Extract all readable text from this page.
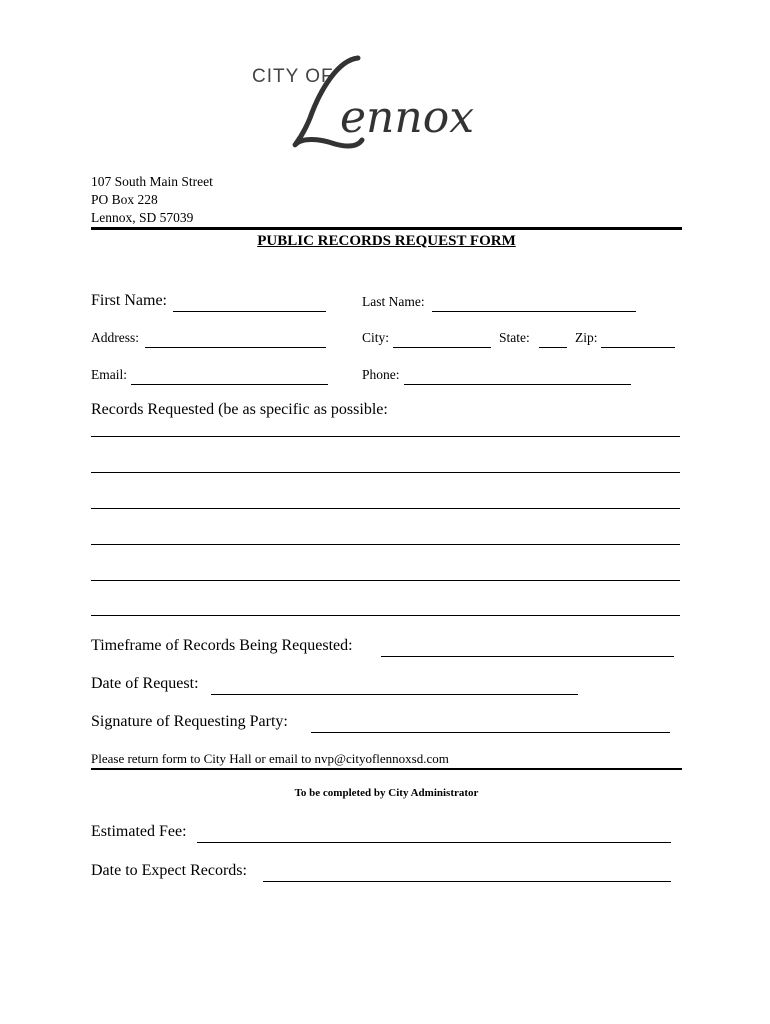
CITY OF
ennox
107 South Main Street
PO Box 228
Lennox, SD 57039
PUBLIC RECORDS REQUEST FORM
First Name:	Last Name:
Address:	City:	State:	Zip:
Email:	Phone:
Records Requested (be as specific as possible:
Timeframe of Records Being Requested:
Date of Request:
Signature of Requesting Party:
Please return form to City Hall or email to nvp@cityoflennoxsd.com
To be completed by City Administrator
Estimated Fee:
Date to Expect Records:
